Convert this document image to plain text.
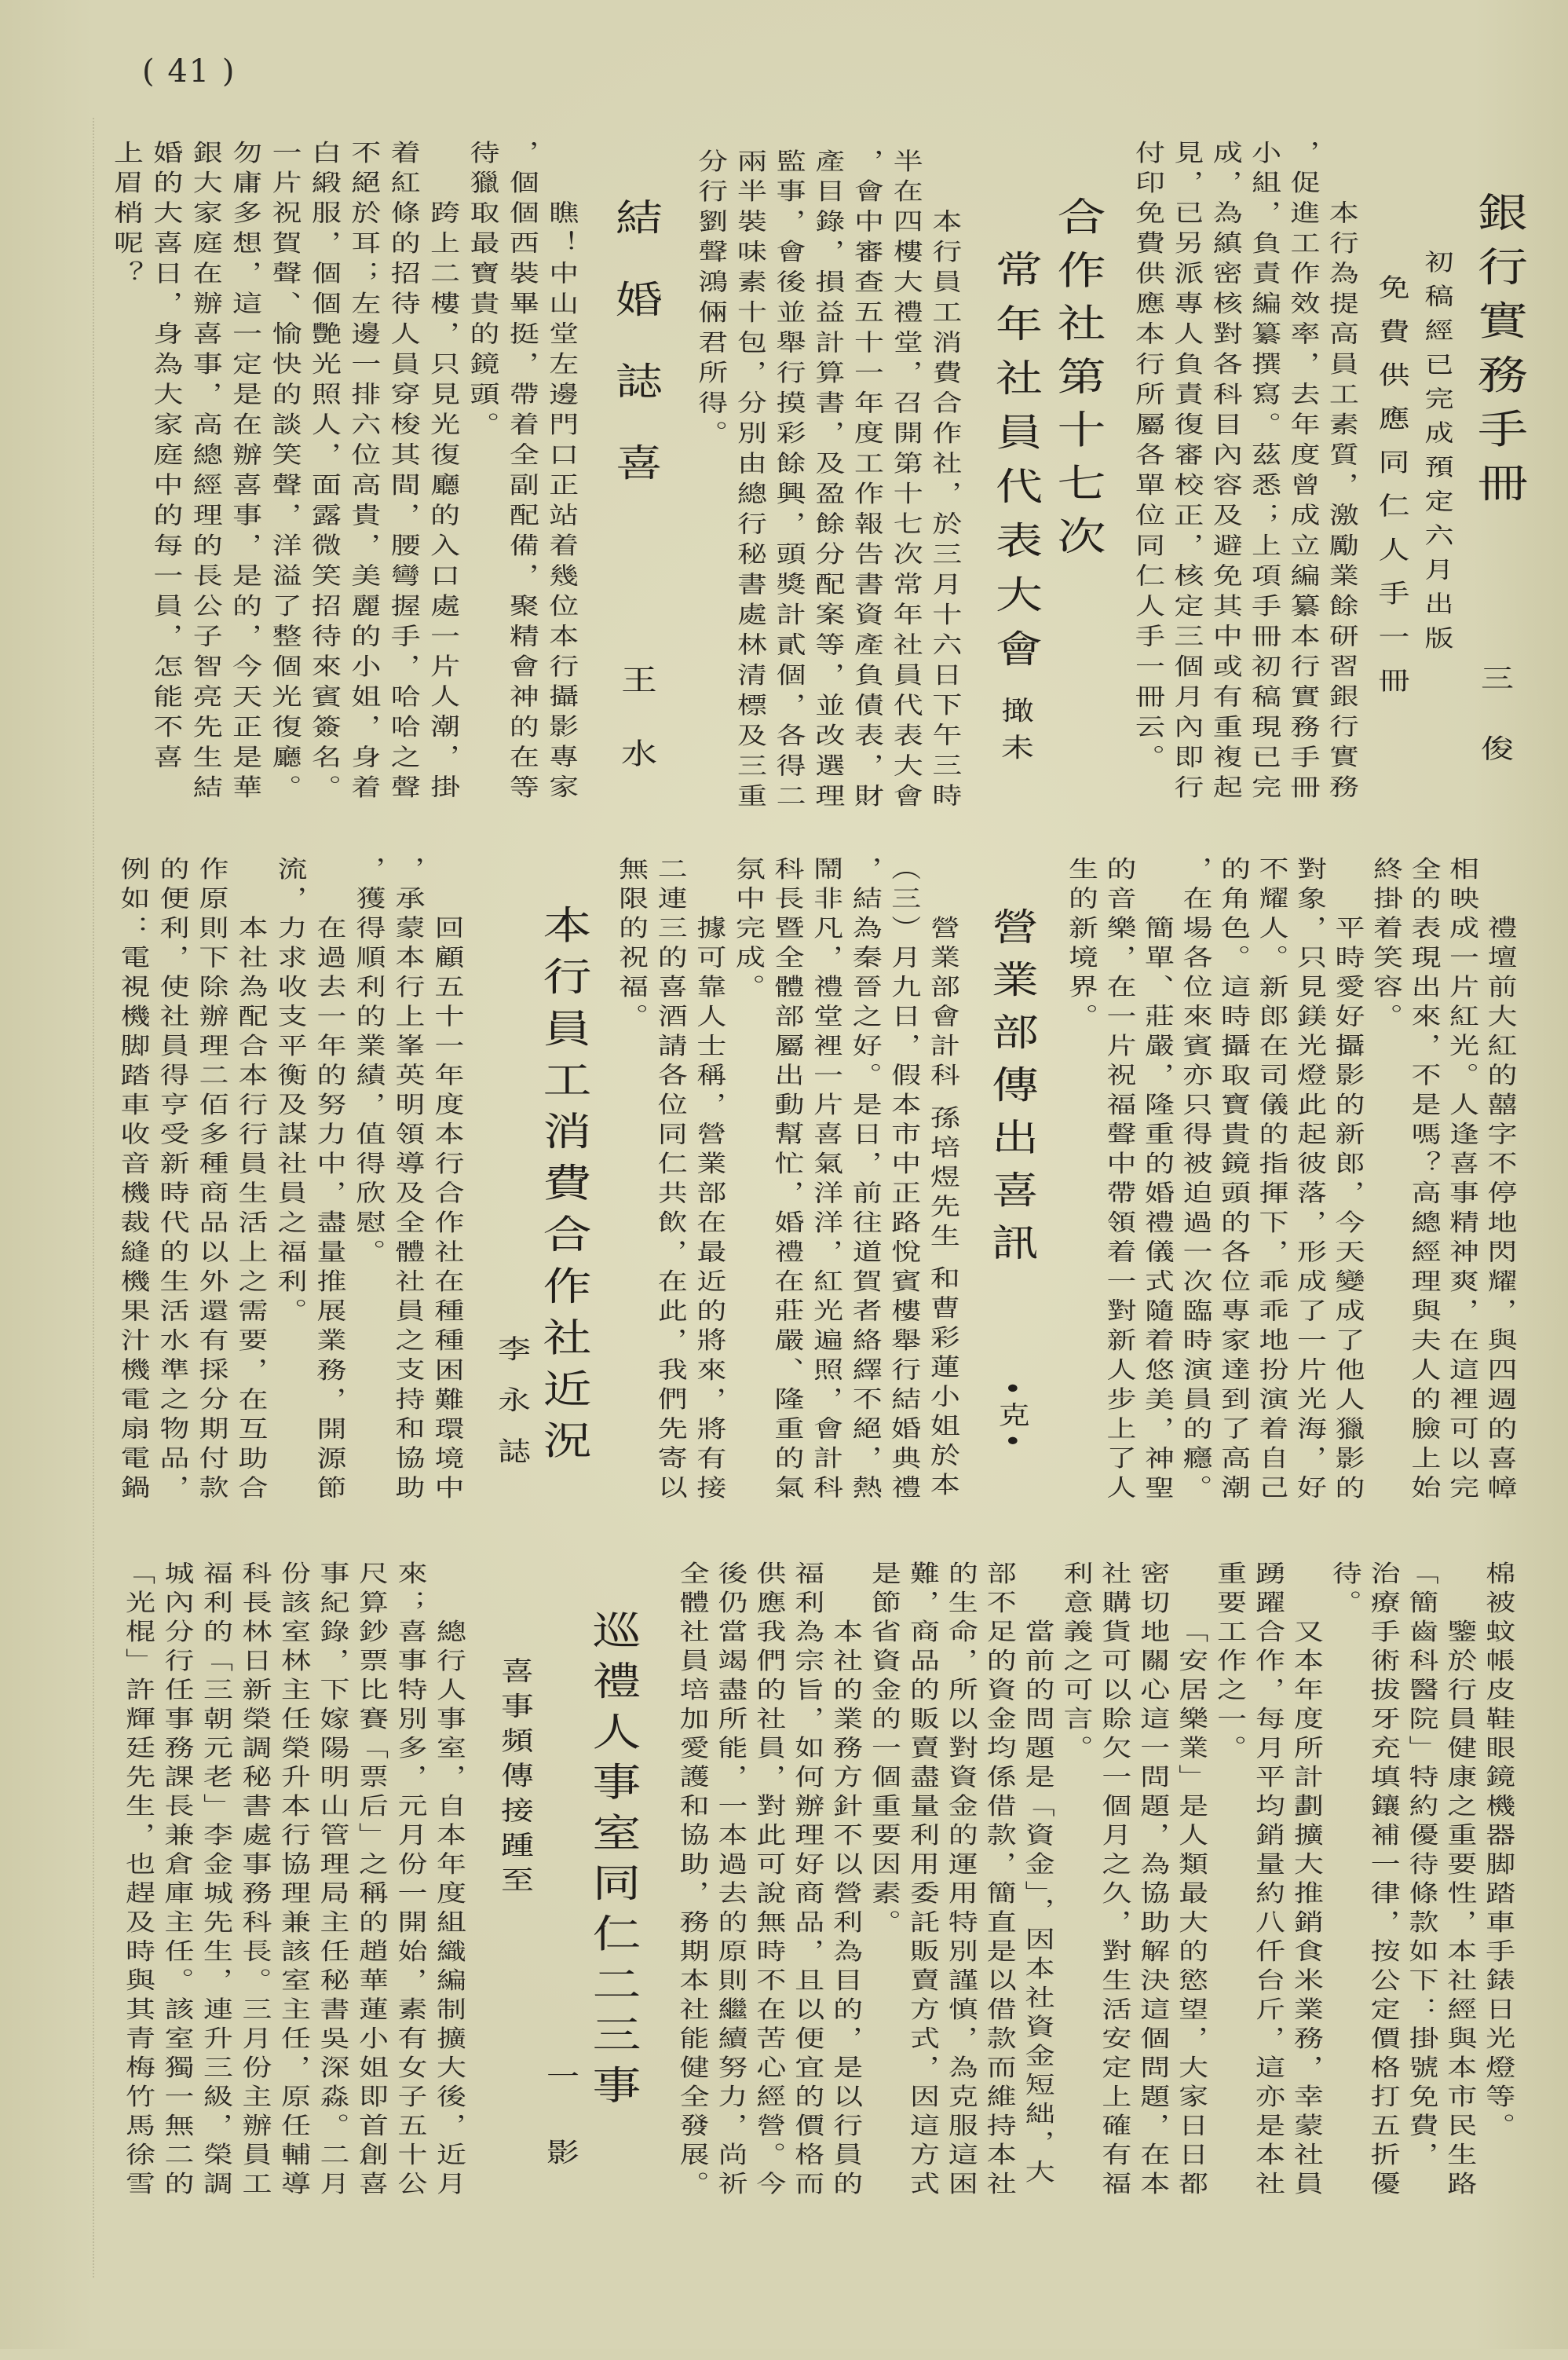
( 41 )
銀行實務手冊
初稿經已完成預定六月出版
免費供應同仁人手一冊
三俊
本行為提高員工素質，激勵業餘研習銀行實務
，促進工作效率，去年度曾成立編纂本行實務手冊
小組，負責編纂撰寫。茲悉；上項手冊初稿現已完
成，為縝密核對各科目內容及避免其中或有重複起
見，已另派專人負責復審校正，核定三個月內即行
付印免費供應本行所屬各單位同仁人手一冊云。
合作社第十七次
常年社員代表大會
撖未
本行員工消費合作社，於三月十六日下午三時
半在四樓大禮堂，召開第十七次常年社員代表大會
，會中審查五十一年度工作報告書資產負債表，財
產目錄，損益計算書，及盈餘分配案等，並改選理
監事，會後並舉行摸彩餘興，頭獎計貳個，各得二
兩半裝味素十包，分別由總行秘書處林清標及三重
分行劉聲鴻倆君所得。
結婚誌喜
王水
瞧！中山堂左邊門口正站着幾位本行攝影專家
，個個西裝畢挺，帶着全副配備，聚精會神的在等
待獵取最寶貴的鏡頭。
跨上二樓，只見光復廳的入口處一片人潮，掛
着紅條的招待人員穿梭其間，腰彎握手，哈哈之聲
不絕於耳；左邊一排六位高貴，美麗的小姐，身着
白緞服，個個艷光照人，面露微笑招待來賓簽名。
一片祝賀聲、愉快的談笑聲，洋溢了整個光復廳。
勿庸多想，這一定是在辦喜事，是的，今天正是華
銀大家庭在辦喜事，高總經理的長公子智亮先生結
婚的大喜日，身為大家庭中的每一員，怎能不喜
上眉梢呢？
禮壇前大紅的囍字不停地閃耀，與四週的喜幛
相映成一片紅光。人逢喜事精神爽，在這裡可以完
全的表現出來，不是嗎？高總經理與夫人的臉上始
終掛着笑容。
平時愛好攝影的新郎，今天變成了他人獵影的
對象，只見鎂光燈此起彼落，形成了一片光海，好
不耀人。新郎在司儀的指揮下，乖乖地扮演着自己
的角色。這時攝取寶貴鏡頭的各位專家達到了高潮
，在場各位來賓亦只得被迫過一次臨時演員的癮。
簡單、莊嚴，隆重的婚禮儀式隨着悠美，神聖
的音樂，在一片祝福聲中帶領着一對新人步上了人
生的新境界。
營業部傳出喜訊
•克•
營業部會計科 孫培煜先生 和曹彩蓮小姐於本
（三）月九日，假本市中正路悅賓樓舉行結婚典禮
，結為秦晉之好。是日，前往道賀者絡繹不絕，熱
鬧非凡，禮堂裡一片喜氣洋洋，紅光遍照，會計科
科長暨全體部屬出動幫忙，婚禮在莊嚴、隆重的氣
氛中完成。
據可靠人士稱，營業部在最近的將來，將有接
二連三的喜酒請各位同仁共飲，在此，我們先寄以
無限的祝福。
本行員工消費合作社近況
李永誌
回顧五十一年度本行合作社在種種困難環境中
，承蒙本行上峯英明領導及全體社員之支持和協助
，獲得順利的業績，值得欣慰。
在過去一年的努力中，盡量推展業務，開源節
流，力求收支平衡及謀社員之福利。
本社為配合本行行員生活上之需要，在互助合
作原則下除辦理二佰多種商品以外還有採分期付款
的便利，使社員得亨受新時代的生活水準之物品，
例如：電視機脚踏車收音機裁縫機果汁機電扇電鍋
棉被蚊帳皮鞋眼鏡機器脚踏車手錶日光燈等。
鑒於行員健康之重要性，本社經與本市民生路
「簡齒科醫院」特約優待條款如下：掛號免費，
治療手術拔牙充填鑲補一律，按公定價格打五折優
待。
又本年度所計劃擴大推銷食米業務，幸蒙社員
踴躍合作，每月平均銷量約八仟台斤，這亦是本社
重要工作之一。
「安居樂業」是人類最大的慾望，大家日日都
密切地關心這一問題，為協助解決這個問題，在本
社購貨可以賒欠一個月之久，對生活安定上確有福
利意義之可言。
當前的問題是「資金」，因本社資金短絀，大
部不足的資金均係借款，簡直是以借款而維持本社
的生命，所以對資金的運用特別謹慎，為克服這困
難，商品的販賣盡量利用委託販賣方式，因這方式
是節省資金的一個重要因素。
本社的業務方針不以營利為目的，是以行員的
福利為宗旨，如何辦理好商品，且以便宜的價格而
供應我們的社員，對此可說無時不在苦心經營。今
後仍當竭盡所能，一本過去的原則繼續努力，尚祈
全體社員培加愛護和協助，務期本社能健全發展。
巡禮人事室同仁二三事
一影
喜事頻傳接踵至
總行人事室，自本年度組織編制擴大後，近月
來；喜事特別多，元月份一開始，素有女子五十公
尺算鈔票比賽「票后」之稱的趙華蓮小姐即首創喜
事紀錄，下嫁陽明山管理局主任秘書吳深淼。二月
份該室林主任榮升本行協理兼該室主任，原任輔導
科長林日新榮調秘書處事務科長。三月份主辦員工
福利的「三朝元老」李金城先生，連升三級，榮調
城內分行任事務課長兼倉庫主任。該室獨一無二的
「光棍」許輝廷先生，也趕及時與其青梅竹馬徐雪
